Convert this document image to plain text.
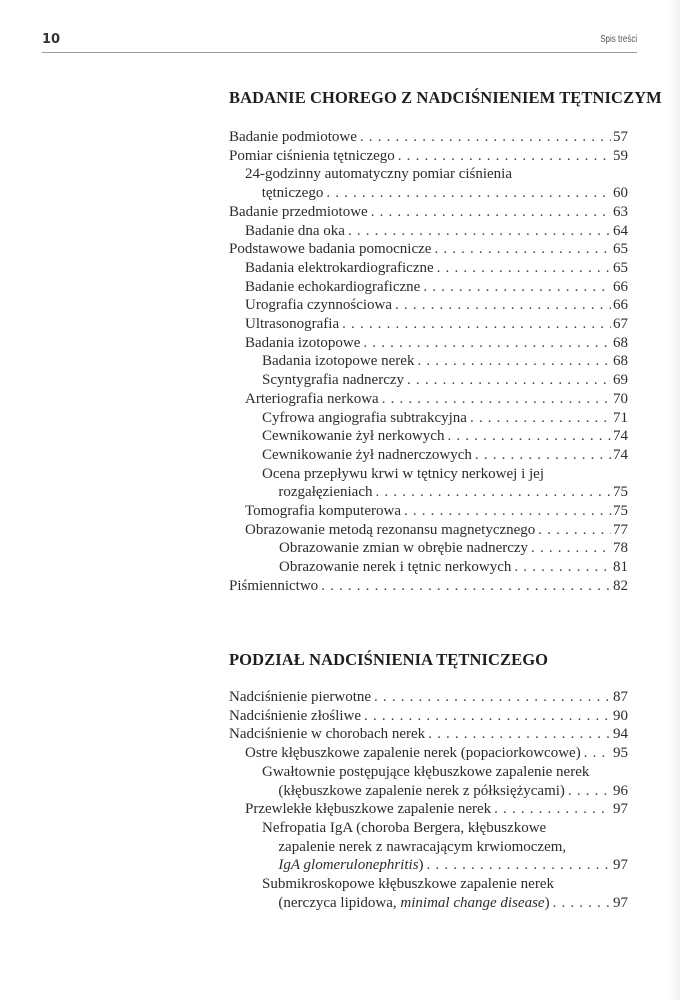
10	Spis treści
BADANIE CHOREGO Z NADCIŚNIENIEM TĘTNICZYM
Badanie podmiotowe . . .	57
Pomiar ciśnienia tętniczego . . .	59
24-godzinny automatyczny pomiar ciśnienia
tętniczego . . .	60
Badanie przedmiotowe . . .	63
Badanie dna oka . . .	64
Podstawowe badania pomocnicze . . .	65
Badania elektrokardiograficzne . . .	65
Badanie echokardiograficzne . . .	66
Urografia czynnościowa . . .	66
Ultrasonografia . . .	67
Badania izotopowe . . .	68
Badania izotopowe nerek . . .	68
Scyntygrafia nadnerczy . . .	69
Arteriografia nerkowa . . .	70
Cyfrowa angiografia subtrakcyjna . . .	71
Cewnikowanie żył nerkowych . . .	74
Cewnikowanie żył nadnerczowych . . .	74
Ocena przepływu krwi w tętnicy nerkowej i jej
rozgałęzieniach . . .	75
Tomografia komputerowa . . .	75
Obrazowanie metodą rezonansu magnetycznego . . .	77
Obrazowanie zmian w obrębie nadnerczy . . .	78
Obrazowanie nerek i tętnic nerkowych . . .	81
Piśmiennictwo . . .	82
PODZIAŁ NADCIŚNIENIA TĘTNICZEGO
Nadciśnienie pierwotne . . .	87
Nadciśnienie złośliwe . . .	90
Nadciśnienie w chorobach nerek . . .	94
Ostre kłębuszkowe zapalenie nerek (popaciorkowcowe) . . . 95
Gwałtownie postępujące kłębuszkowe zapalenie nerek
(kłębuszkowe zapalenie nerek z półksiężycami) . . .	96
Przewlekłe kłębuszkowe zapalenie nerek . . .	97
Nefropatia IgA (choroba Bergera, kłębuszkowe
zapalenie nerek z nawracającym krwiomoczem,
IgA glomerulonephritis) . . .	97
Submikroskopowe kłębuszkowe zapalenie nerek
(nerczyca lipidowa, minimal change disease) . . .	97
